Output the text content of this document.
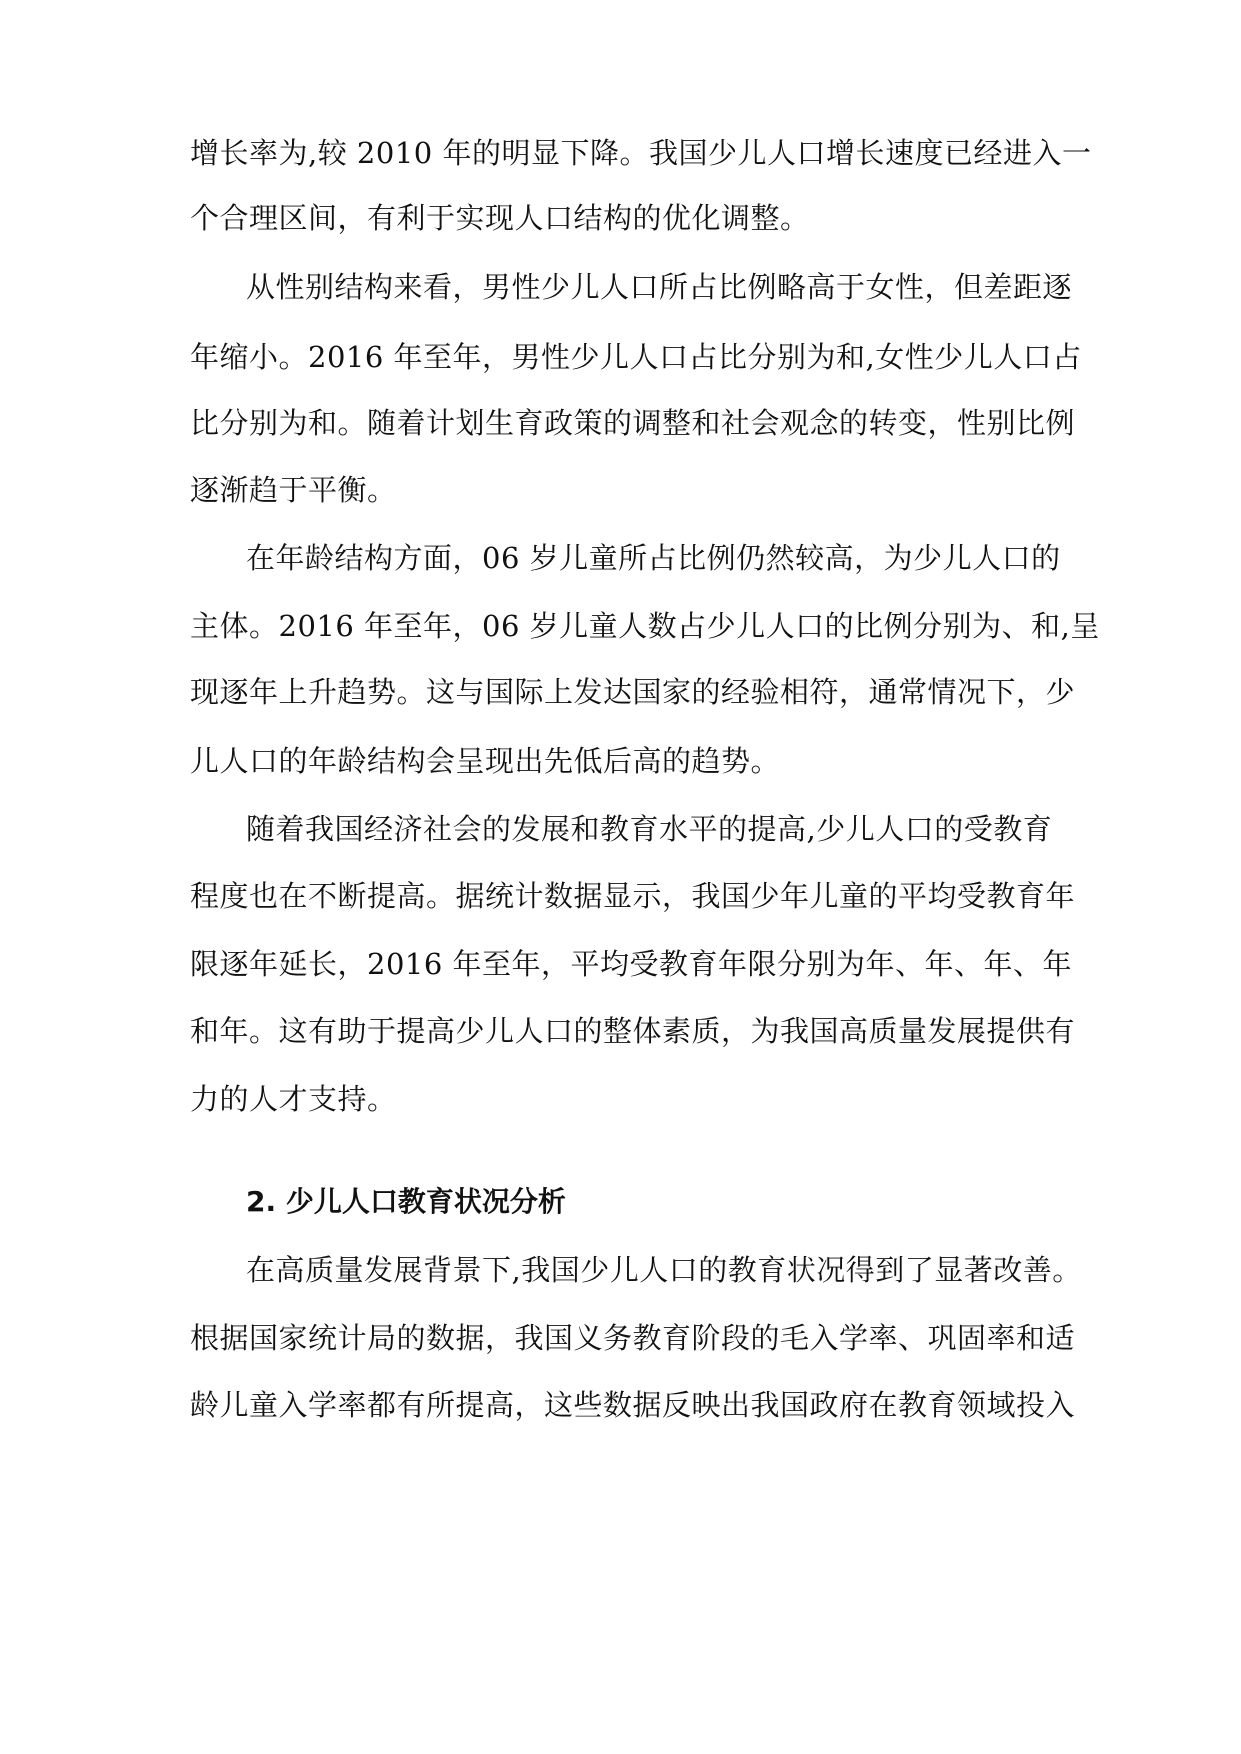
增长率为,较 2010 年的明显下降。我国少儿人口增长速度已经进入一
个合理区间，有利于实现人口结构的优化调整。
从性别结构来看，男性少儿人口所占比例略高于女性，但差距逐
年缩小。2016 年至年，男性少儿人口占比分别为和,女性少儿人口占
比分别为和。随着计划生育政策的调整和社会观念的转变，性别比例
逐渐趋于平衡。
在年龄结构方面，06 岁儿童所占比例仍然较高，为少儿人口的
主体。2016 年至年，06 岁儿童人数占少儿人口的比例分别为、和,呈
现逐年上升趋势。这与国际上发达国家的经验相符，通常情况下，少
儿人口的年龄结构会呈现出先低后高的趋势。
随着我国经济社会的发展和教育水平的提高,少儿人口的受教育
程度也在不断提高。据统计数据显示，我国少年儿童的平均受教育年
限逐年延长，2016 年至年，平均受教育年限分别为年、年、年、年
和年。这有助于提高少儿人口的整体素质，为我国高质量发展提供有
力的人才支持。
2. 少儿人口教育状况分析
在高质量发展背景下,我国少儿人口的教育状况得到了显著改善。
根据国家统计局的数据，我国义务教育阶段的毛入学率、巩固率和适
龄儿童入学率都有所提高，这些数据反映出我国政府在教育领域投入
